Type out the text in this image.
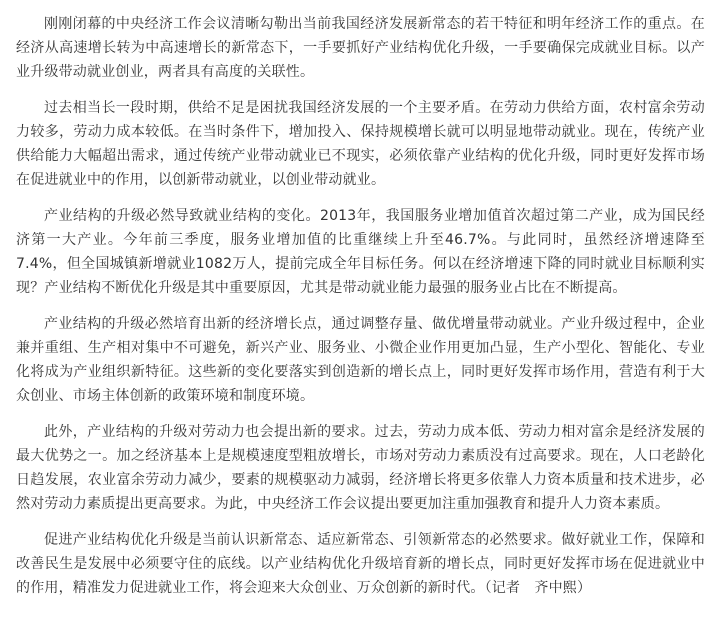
刚刚闭幕的中央经济工作会议清晰勾勒出当前我国经济发展新常态的若干特征和明年经济工作的重点。在经济从高速增长转为中高速增长的新常态下，一手要抓好产业结构优化升级，一手要确保完成就业目标。以产业升级带动就业创业，两者具有高度的关联性。

过去相当长一段时期，供给不足是困扰我国经济发展的一个主要矛盾。在劳动力供给方面，农村富余劳动力较多，劳动力成本较低。在当时条件下，增加投入、保持规模增长就可以明显地带动就业。现在，传统产业供给能力大幅超出需求，通过传统产业带动就业已不现实，必须依靠产业结构的优化升级，同时更好发挥市场在促进就业中的作用，以创新带动就业，以创业带动就业。

产业结构的升级必然导致就业结构的变化。2013年，我国服务业增加值首次超过第二产业，成为国民经济第一大产业。今年前三季度，服务业增加值的比重继续上升至46.7%。与此同时，虽然经济增速降至7.4%，但全国城镇新增就业1082万人，提前完成全年目标任务。何以在经济增速下降的同时就业目标顺利实现？产业结构不断优化升级是其中重要原因，尤其是带动就业能力最强的服务业占比在不断提高。

产业结构的升级必然培育出新的经济增长点，通过调整存量、做优增量带动就业。产业升级过程中，企业兼并重组、生产相对集中不可避免，新兴产业、服务业、小微企业作用更加凸显，生产小型化、智能化、专业化将成为产业组织新特征。这些新的变化要落实到创造新的增长点上，同时更好发挥市场作用，营造有利于大众创业、市场主体创新的政策环境和制度环境。

此外，产业结构的升级对劳动力也会提出新的要求。过去，劳动力成本低、劳动力相对富余是经济发展的最大优势之一。加之经济基本上是规模速度型粗放增长，市场对劳动力素质没有过高要求。现在，人口老龄化日趋发展，农业富余劳动力减少，要素的规模驱动力减弱，经济增长将更多依靠人力资本质量和技术进步，必然对劳动力素质提出更高要求。为此，中央经济工作会议提出要更加注重加强教育和提升人力资本素质。

促进产业结构优化升级是当前认识新常态、适应新常态、引领新常态的必然要求。做好就业工作，保障和改善民生是发展中必须要守住的底线。以产业结构优化升级培育新的增长点，同时更好发挥市场在促进就业中的作用，精准发力促进就业工作，将会迎来大众创业、万众创新的新时代。（记者　齐中熙）
